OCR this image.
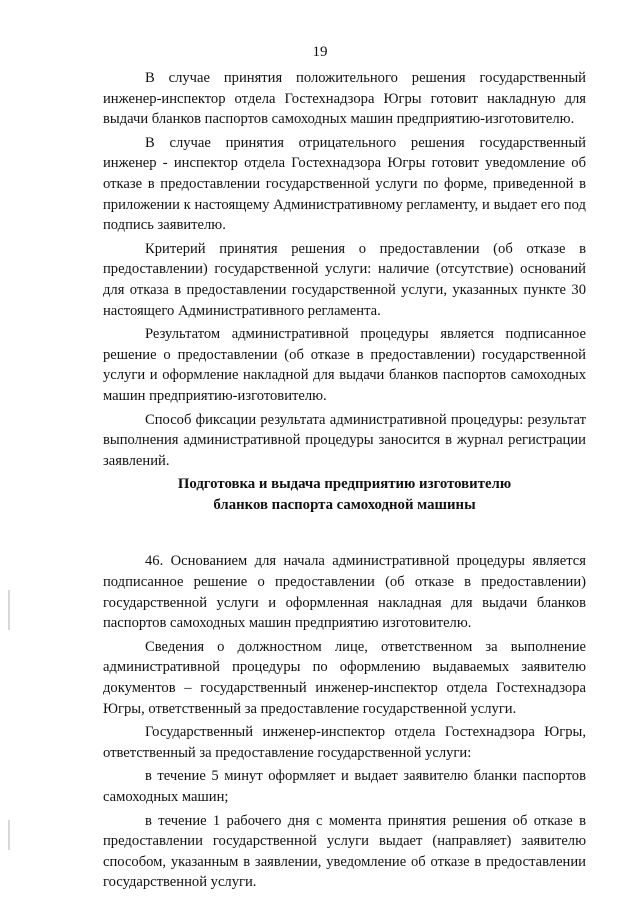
19

В случае принятия положительного решения государственный инженер-инспектор отдела Гостехнадзора Югры готовит накладную для выдачи бланков паспортов самоходных машин предприятию-изготовителю.

В случае принятия отрицательного решения государственный инженер - инспектор отдела Гостехнадзора Югры готовит уведомление об отказе в предоставлении государственной услуги по форме, приведенной в приложении к настоящему Административному регламенту, и выдает его под подпись заявителю.

Критерий принятия решения о предоставлении (об отказе в предоставлении) государственной услуги: наличие (отсутствие) оснований для отказа в предоставлении государственной услуги, указанных пункте 30 настоящего Административного регламента.

Результатом административной процедуры является подписанное решение о предоставлении (об отказе в предоставлении) государственной услуги и оформление накладной для выдачи бланков паспортов самоходных машин предприятию-изготовителю.

Способ фиксации результата административной процедуры: результат выполнения административной процедуры заносится в журнал регистрации заявлений.

Подготовка и выдача предприятию изготовителю
бланков паспорта самоходной машины

46. Основанием для начала административной процедуры является подписанное решение о предоставлении (об отказе в предоставлении) государственной услуги и оформленная накладная для выдачи бланков паспортов самоходных машин предприятию изготовителю.

Сведения о должностном лице, ответственном за выполнение административной процедуры по оформлению выдаваемых заявителю документов – государственный инженер-инспектор отдела Гостехнадзора Югры, ответственный за предоставление государственной услуги.

Государственный инженер-инспектор отдела Гостехнадзора Югры, ответственный за предоставление государственной услуги:

в течение 5 минут оформляет и выдает заявителю бланки паспортов самоходных машин;

в течение 1 рабочего дня с момента принятия решения об отказе в предоставлении государственной услуги выдает (направляет) заявителю способом, указанным в заявлении, уведомление об отказе в предоставлении государственной услуги.
